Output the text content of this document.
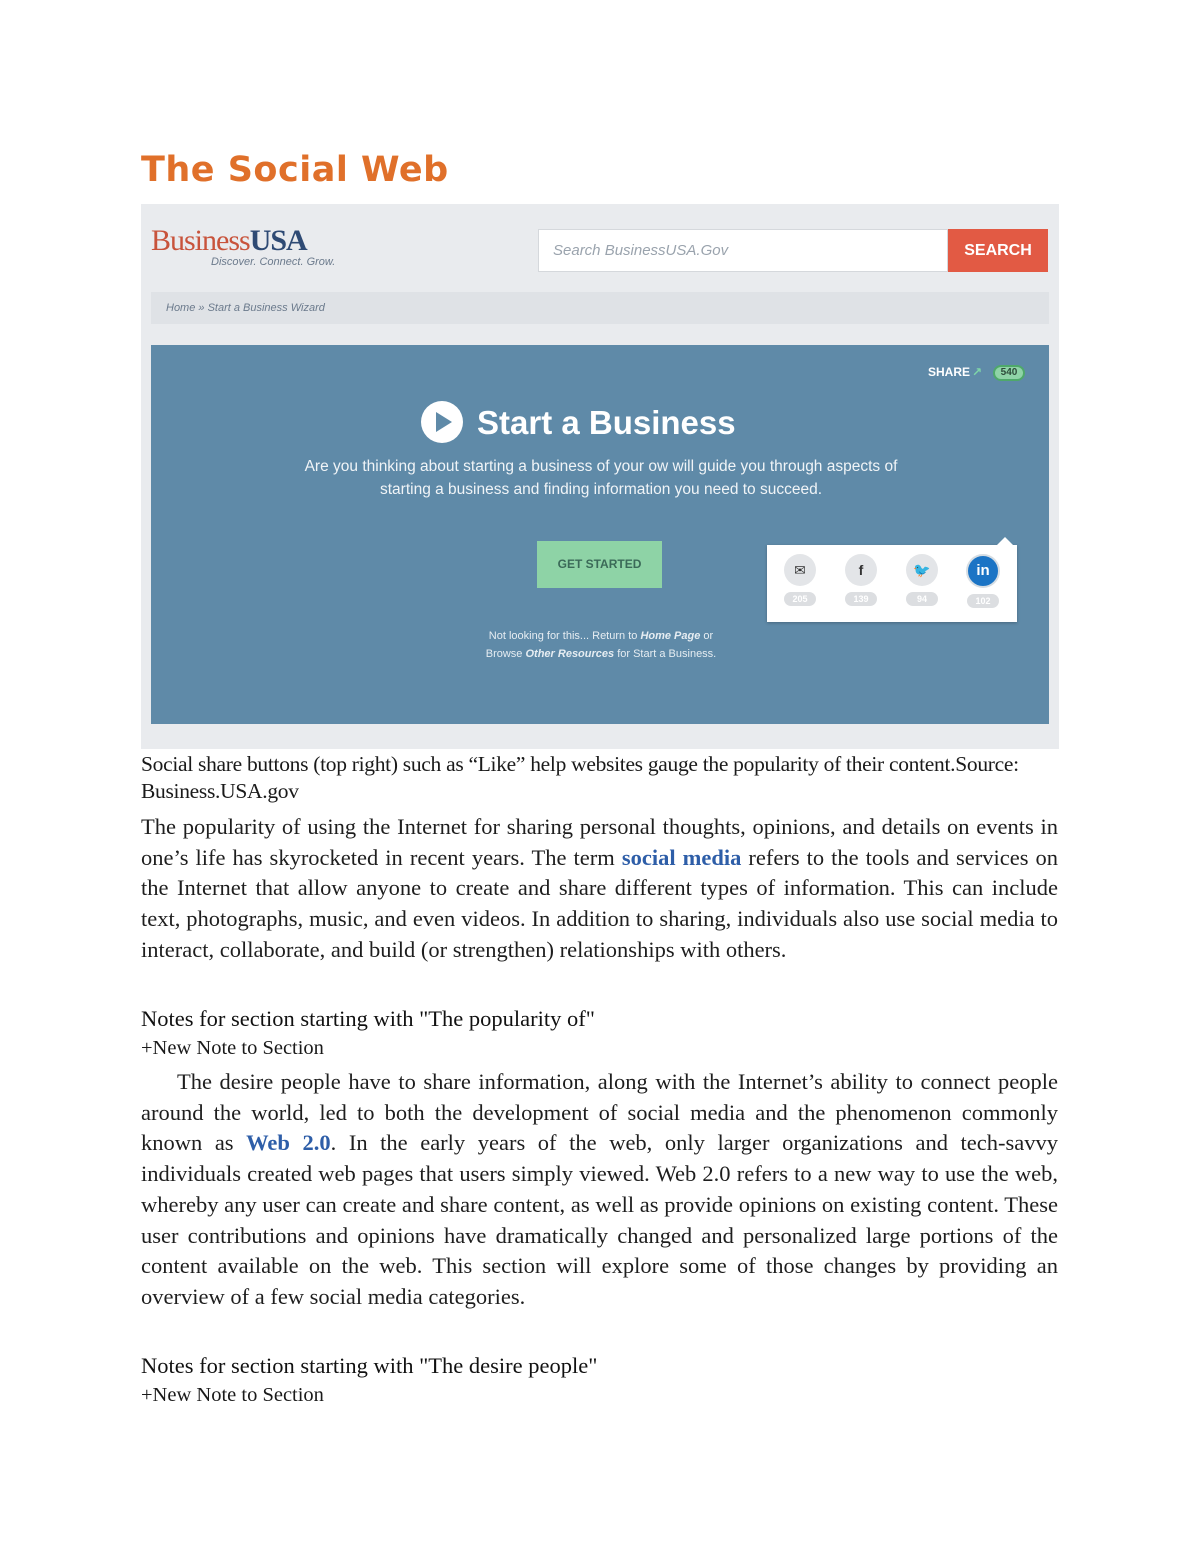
The Social Web
BusinessUSA
Discover. Connect. Grow.
Search BusinessUSA.Gov	SEARCH
Home » Start a Business Wizard
SHARE ↗	540
Start a Business
Are you thinking about starting a business of your ow will guide you through aspects of starting a business and finding information you need to succeed.
GET STARTED
Not looking for this... Return to Home Page or
Browse Other Resources for Start a Business.
✉
205
f
139
🐦
94
in
102
Social share buttons (top right) such as “Like” help websites gauge the popularity of their content.Source: Business.USA.gov

The popularity of using the Internet for sharing personal thoughts, opinions, and details on events in one’s life has skyrocketed in recent years. The term social media refers to the tools and services on the Internet that allow anyone to create and share different types of information. This can include text, photographs, music, and even videos. In addition to sharing, individuals also use social media to interact, collaborate, and build (or strengthen) relationships with others.

Notes for section starting with "The popularity of"
+New Note to Section

The desire people have to share information, along with the Internet’s ability to connect people around the world, led to both the development of social media and the phenomenon commonly known as Web 2.0. In the early years of the web, only larger organizations and tech-savvy individuals created web pages that users simply viewed. Web 2.0 refers to a new way to use the web, whereby any user can create and share content, as well as provide opinions on existing content. These user contributions and opinions have dramatically changed and personalized large portions of the content available on the web. This section will explore some of those changes by providing an overview of a few social media categories.

Notes for section starting with "The desire people"
+New Note to Section
